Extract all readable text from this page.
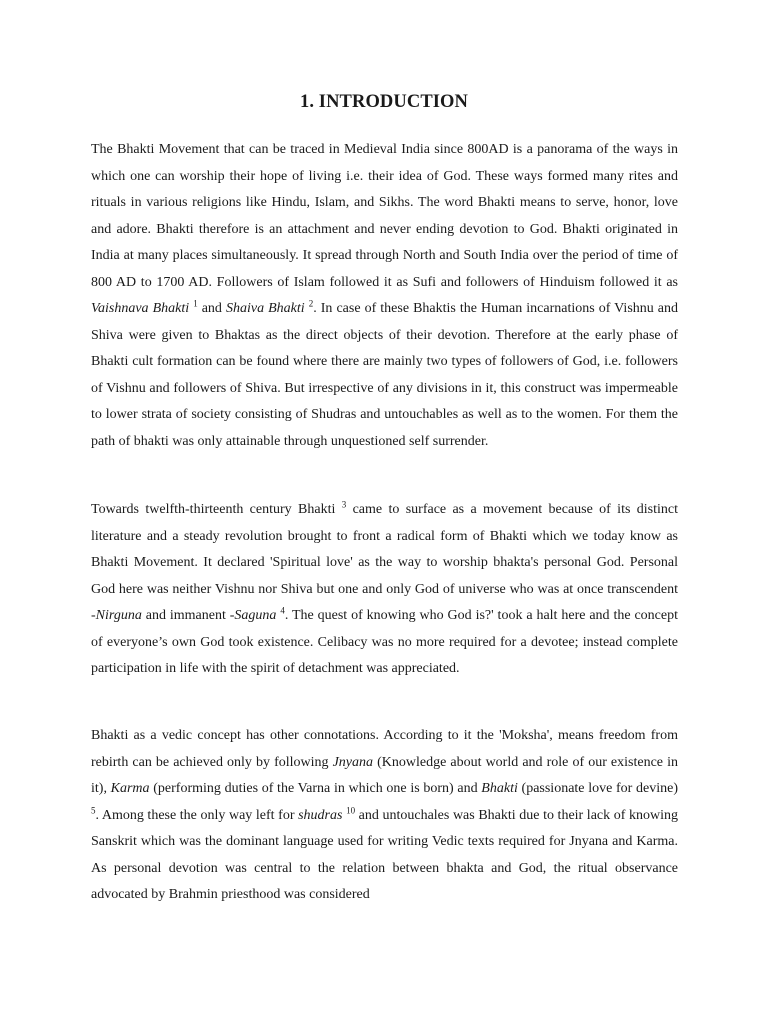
1. INTRODUCTION

The Bhakti Movement that can be traced in Medieval India since 800AD is a panorama of the ways in which one can worship their hope of living i.e. their idea of God. These ways formed many rites and rituals in various religions like Hindu, Islam, and Sikhs. The word Bhakti means to serve, honor, love and adore. Bhakti therefore is an attachment and never ending devotion to God. Bhakti originated in India at many places simultaneously. It spread through North and South India over the period of time of 800 AD to 1700 AD. Followers of Islam followed it as Sufi and followers of Hinduism followed it as Vaishnava Bhakti $^1$ and Shaiva Bhakti $^2$. In case of these Bhaktis the Human incarnations of Vishnu and Shiva were given to Bhaktas as the direct objects of their devotion. Therefore at the early phase of Bhakti cult formation can be found where there are mainly two types of followers of God, i.e. followers of Vishnu and followers of Shiva. But irrespective of any divisions in it, this construct was impermeable to lower strata of society consisting of Shudras and untouchables as well as to the women. For them the path of bhakti was only attainable through unquestioned self surrender.

Towards twelfth-thirteenth century Bhakti $^3$ came to surface as a movement because of its distinct literature and a steady revolution brought to front a radical form of Bhakti which we today know as Bhakti Movement. It declared 'Spiritual love' as the way to worship bhakta's personal God. Personal God here was neither Vishnu nor Shiva but one and only God of universe who was at once transcendent -Nirguna and immanent -Saguna $^4$. The quest of knowing who God is?' took a halt here and the concept of everyone’s own God took existence. Celibacy was no more required for a devotee; instead complete participation in life with the spirit of detachment was appreciated.

Bhakti as a vedic concept has other connotations. According to it the 'Moksha', means freedom from rebirth can be achieved only by following Jnyana (Knowledge about world and role of our existence in it), Karma (performing duties of the Varna in which one is born) and Bhakti (passionate love for devine) $^5$. Among these the only way left for shudras $^{10}$ and untouchales was Bhakti due to their lack of knowing Sanskrit which was the dominant language used for writing Vedic texts required for Jnyana and Karma. As personal devotion was central to the relation between bhakta and God, the ritual observance advocated by Brahmin priesthood was considered
